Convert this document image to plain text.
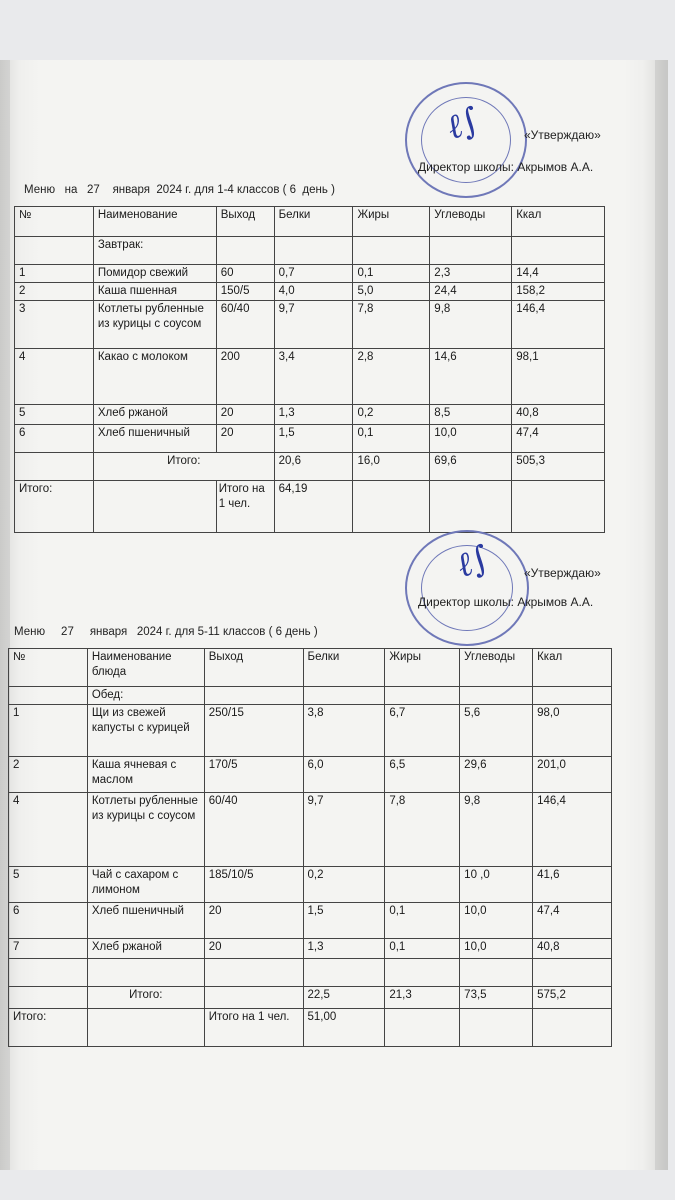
ℓ∫	«Утверждаю»
Директор школы: Акрымов А.А.
Меню   на   27    января  2024 г. для 1-4 классов ( 6  день )
№	Наименование	Выход	Белки	Жиры	Углеводы	Ккал
	Завтрак:					
1	Помидор свежий	60	0,7	0,1	2,3	14,4
2	Каша пшенная	150/5	4,0	5,0	24,4	158,2
3	Котлеты рубленные из курицы с соусом	60/40	9,7	7,8	9,8	146,4
4	Какао с молоком	200	3,4	2,8	14,6	98,1
5	Хлеб ржаной	20	1,3	0,2	8,5	40,8
6	Хлеб пшеничный	20	1,5	0,1	10,0	47,4
	Итого:		20,6	16,0	69,6	505,3
Итого:		Итого на 1 чел.	64,19			
ℓ∫ «Утверждаю»
Директор школы: Акрымов А.А.
Меню     27     января   2024 г. для 5-11 классов ( 6 день )
№	Наименование блюда	Выход	Белки	Жиры	Углеводы	Ккал
	Обед:					
1	Щи из свежей капусты с курицей	250/15	3,8	6,7	5,6	98,0
2	Каша ячневая с маслом	170/5	6,0	6,5	29,6	201,0
4	Котлеты рубленные из курицы с соусом	60/40	9,7	7,8	9,8	146,4
5	Чай с сахаром с лимоном	185/10/5	0,2		10 ,0	41,6
6	Хлеб пшеничный	20	1,5	0,1	10,0	47,4
7	Хлеб ржаной	20	1,3	0,1	10,0	40,8

	Итого:		22,5	21,3	73,5	575,2
Итого:		Итого на 1 чел.	51,00			
